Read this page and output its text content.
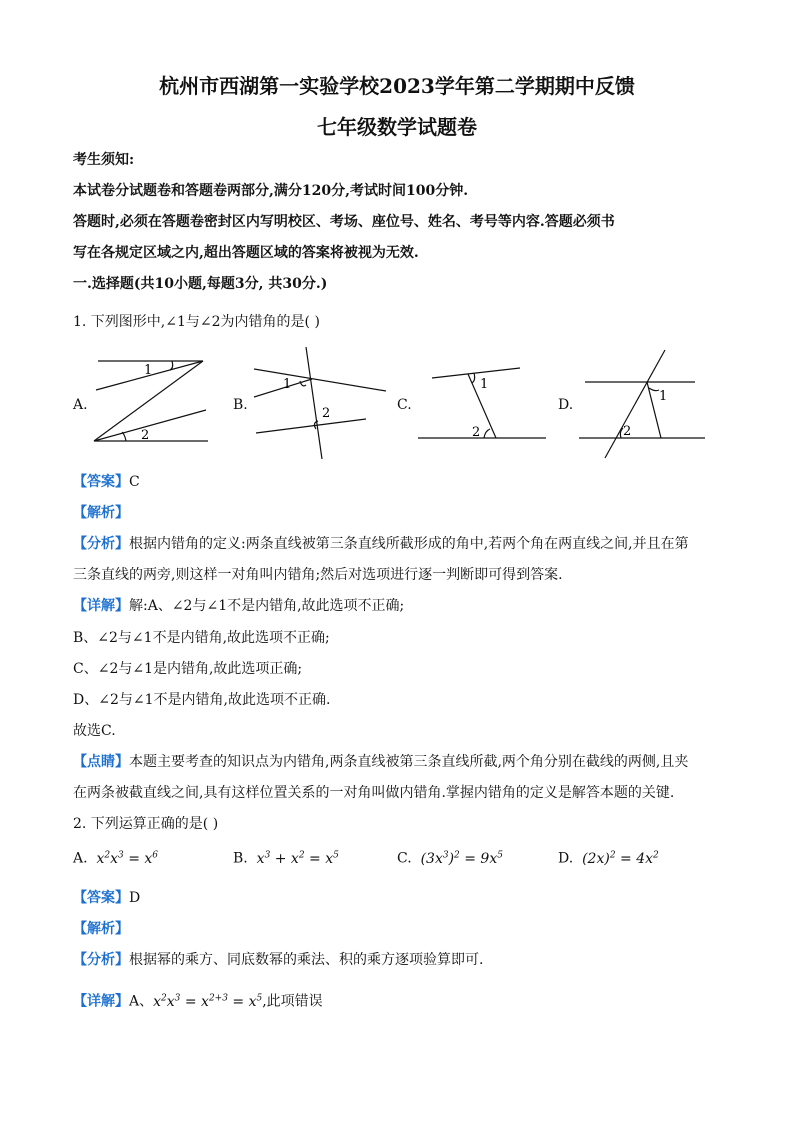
杭州市西湖第一实验学校2023学年第二学期期中反馈
七年级数学试题卷
考生须知:
本试卷分试题卷和答题卷两部分,满分120分,考试时间100分钟.
答题时,必须在答题卷密封区内写明校区、考场、座位号、姓名、考号等内容.答题必须书
写在各规定区域之内,超出答题区域的答案将被视为无效.
一.选择题(共10小题,每题3分, 共30分.)
1. 下列图形中,∠1与∠2为内错角的是( )
A.
1
2
B.
1
2
C.
1
2
D.
1
2
【答案】C
【解析】
【分析】根据内错角的定义:两条直线被第三条直线所截形成的角中,若两个角在两直线之间,并且在第
三条直线的两旁,则这样一对角叫内错角;然后对选项进行逐一判断即可得到答案.
【详解】解:A、∠2与∠1不是内错角,故此选项不正确;
B、∠2与∠1不是内错角,故此选项不正确;
C、∠2与∠1是内错角,故此选项正确;
D、∠2与∠1不是内错角,故此选项不正确.
故选C.
【点睛】本题主要考查的知识点为内错角,两条直线被第三条直线所截,两个角分别在截线的两侧,且夹
在两条被截直线之间,具有这样位置关系的一对角叫做内错角.掌握内错角的定义是解答本题的关键.
2. 下列运算正确的是( )
A.  $x^2x^3 = x^6$	B.  $x^3 + x^2 = x^5$	C.  $(3x^3)^2 = 9x^5$	D.  $(2x)^2 = 4x^2$
【答案】D
【解析】
【分析】根据幂的乘方、同底数幂的乘法、积的乘方逐项验算即可.
【详解】A、$x^2x^3 = x^{2+3} = x^5$,此项错误
